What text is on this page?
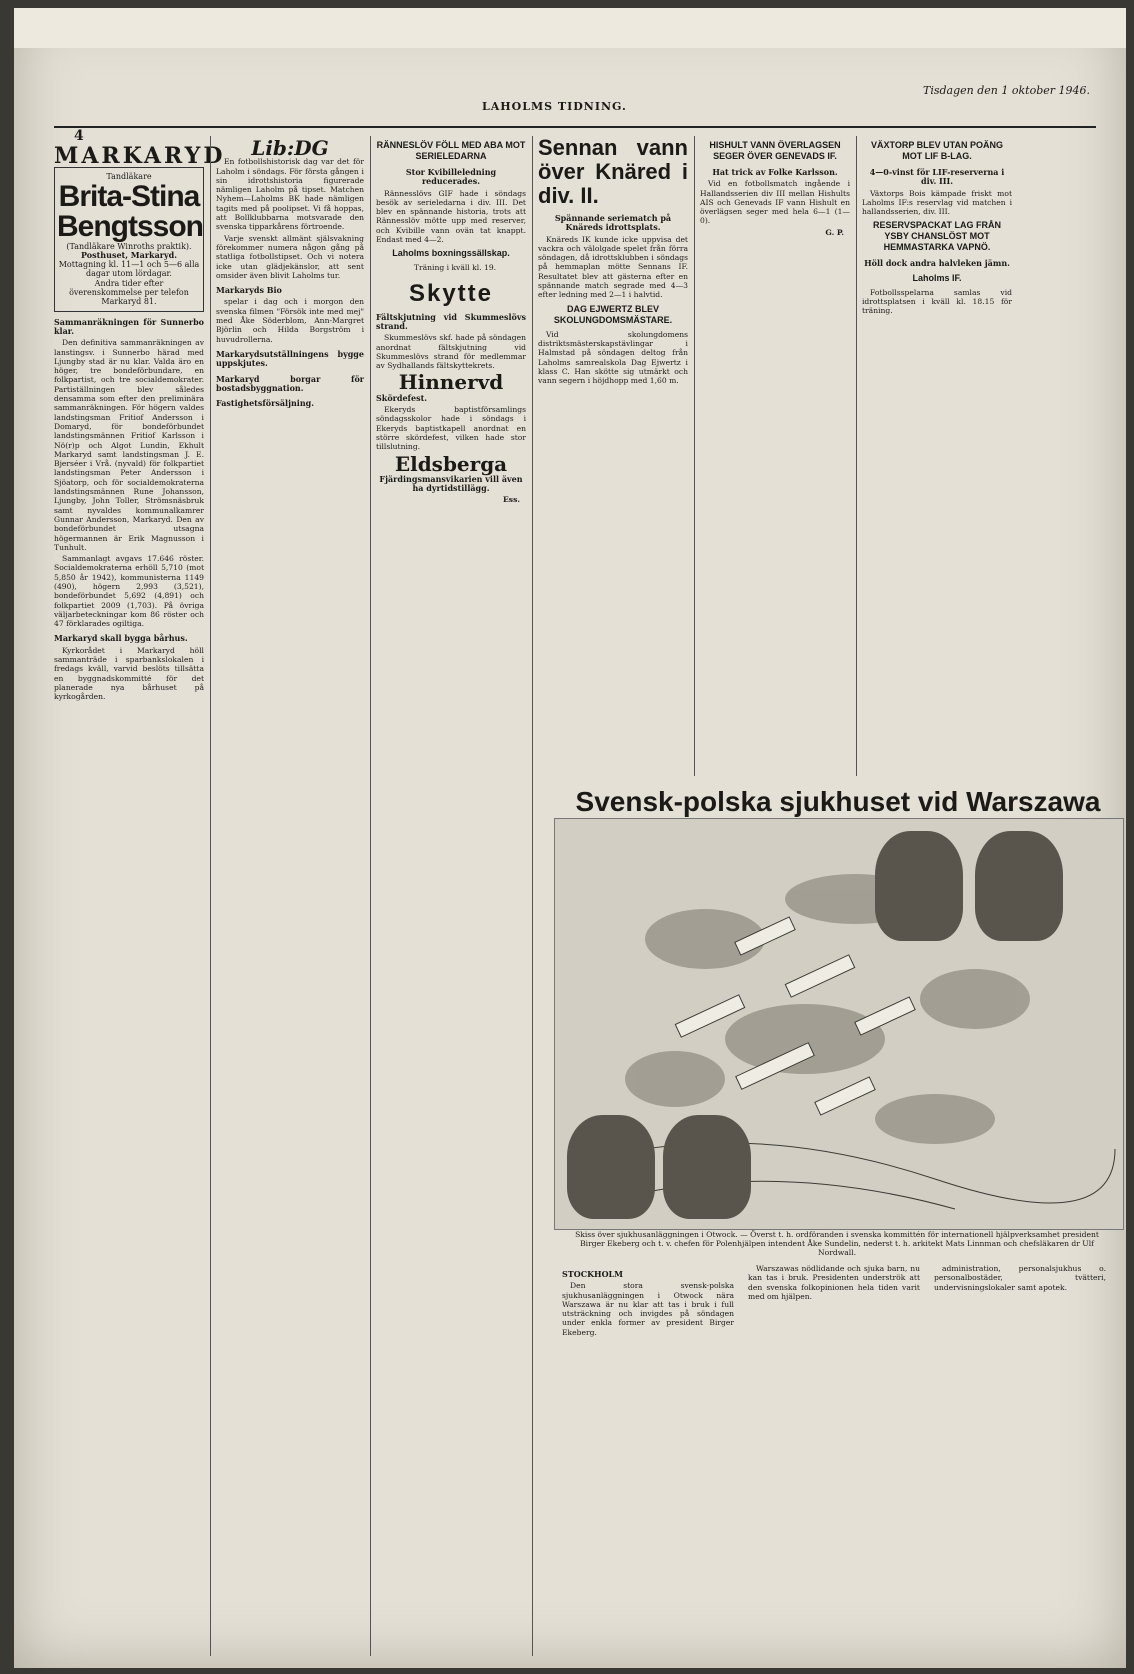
Tisdagen den 1 oktober 1946.
LAHOLMS TIDNING.
4
MARKARYD
Tandläkare
Brita-Stina Bengtsson
(Tandläkare Winroths praktik).
Posthuset, Markaryd.
Mottagning kl. 11—1 och 5—6 alla dagar utom lördagar.
Andra tider efter överenskommelse per telefon Markaryd 81.
Sammanräkningen för Sunnerbo klar.

Den definitiva sammanräkningen av lanstingsv. i Sunnerbo härad med Ljungby stad är nu klar. Valda äro en höger, tre bondeförbundare, en folkpartist, och tre socialdemokrater. Partiställningen blev således densamma som efter den preliminära sammanräkningen. För högern valdes landstingsman Fritiof Andersson i Domaryd, för bondeförbundet landstingsmännen Fritiof Karlsson i Nö(r)p och Algot Lundin, Ekhult Markaryd samt landstingsman J. E. Bjerséer i Vrå. (nyvald) för folkpartiet landstingsman Peter Andersson i Sjöatorp, och för socialdemokraterna landstingsmännen Rune Johansson, Ljungby, John Toller, Strömsnäsbruk samt nyvaldes kommunalkamrer Gunnar Andersson, Markaryd. Den av bondeförbundet utsagna högermannen är Erik Magnusson i Tunhult.

Sammanlagt avgavs 17.646 röster. Socialdemokraterna erhöll 5,710 (mot 5,850 år 1942), kommunisterna 1149 (490), högern 2,993 (3,521), bondeförbundet 5,692 (4,891) och folkpartiet 2009 (1,703). På övriga väljarbeteckningar kom 86 röster och 47 förklarades ogiltiga.

Markaryd skall bygga bårhus.

Kyrkorådet i Markaryd höll sammanträde i sparbankslokalen i fredags kväll, varvid beslöts tillsätta en byggnadskommitté för det planerade nya bårhuset på kyrkogården.

Lib:DG

En fotbollshistorisk dag var det för Laholm i söndags. För första gången i sin idrottshistoria figurerade nämligen Laholm på tipset. Matchen Nyhem—Laholms BK hade nämligen tagits med på poolipset. Vi få hoppas, att Bollklubbarna motsvarade den svenska tipparkårens förtroende.

Varje svenskt allmänt själsvakning förekommer numera någon gång på statliga fotbollstipset. Och vi notera icke utan glädjekänslor, att sent omsider även blivit Laholms tur.

Markaryds Bio

spelar i dag och i morgon den svenska filmen "Försök inte med mej" med Åke Söderblom, Ann-Margret Björlin och Hilda Borgström i huvudrollerna.

Markarydsutställningens bygge uppskjutes.
Markaryd borgar för bostadsbyggnation.
Fastighetsförsäljning.
RÄNNESLÖV FÖLL MED ABA MOT SERIELEDARNA
Stor Kvibilleledning reducerades.

Rännesslövs GIF hade i söndags besök av serieledarna i div. III. Det blev en spännande historia, trots att Rännesslöv mötte upp med reserver, och Kvibille vann ovän tat knappt. Endast med 4—2.

Laholms boxningssällskap.

Träning i kväll kl. 19.

Skytte
Fältskjutning vid Skummeslövs strand.

Skummeslövs skf. hade på söndagen anordnat fältskjutning vid Skummeslövs strand för medlemmar av Sydhallands fältskyttekrets.

Hinnervd
Skördefest.

Ekeryds baptistförsamlings söndagsskolor hade i söndags i Ekeryds baptistkapell anordnat en större skördefest, vilken hade stor tillslutning.

Eldsberga
Fjärdingsmansvikarien vill även ha dyrtidstillägg.
Ess.
Sennan vann över Knäred i div. II.
Spännande seriematch på Knäreds idrottsplats.

Knäreds IK kunde icke uppvisa det vackra och välolgade spelet från förra söndagen, då idrottsklubben i söndags på hemmaplan mötte Sennans IF. Resultatet blev att gästerna efter en spännande match segrade med 4—3 efter ledning med 2—1 i halvtid.

DAG EJWERTZ BLEV SKOLUNGDOMSMÄSTARE.

Vid skolungdomens distriktsmästerskapstävlingar i Halmstad på söndagen deltog från Laholms samrealskola Dag Ejwertz i klass C. Han skötte sig utmärkt och vann segern i höjdhopp med 1,60 m.

HISHULT VANN ÖVERLAGSEN SEGER ÖVER GENEVADS IF.
Hat trick av Folke Karlsson.

Vid en fotbollsmatch ingående i Hallandsserien div III mellan Hishults AIS och Genevads IF vann Hishult en överlägsen seger med hela 6—1 (1—0).

G. P.
VÄXTORP BLEV UTAN POÄNG MOT LIF B-LAG.
4—0-vinst för LIF-reserverna i div. III.

Växtorps Bois kämpade friskt mot Laholms IF:s reservlag vid matchen i hallandsserien, div. III.

RESERVSPACKAT LAG FRÅN YSBY CHANSLÖST MOT HEMMASTARKA VAPNÖ.
Höll dock andra halvleken jämn.
Laholms IF.

Fotbollsspelarna samlas vid idrottsplatsen i kväll kl. 18.15 för träning.

Svensk-polska sjukhuset vid Warszawa
Skiss över sjukhusanläggningen i Otwock. — Överst t. h. ordföranden i svenska kommittén för internationell hjälpverksamhet president Birger Ekeberg och t. v. chefen för Polenhjälpen intendent Åke Sundelin, nederst t. h. arkitekt Mats Linnman och chefsläkaren dr Ulf Nordwall.
STOCKHOLM

Den stora svensk-polska sjukhusanläggningen i Otwock nära Warszawa är nu klar att tas i bruk i full utsträckning och invigdes på söndagen under enkla former av president Birger Ekeberg.

Warszawas nödlidande och sjuka barn, nu kan tas i bruk. Presidenten underströk att den svenska folkopinionen hela tiden varit med om hjälpen.

administration, personalsjukhus o. personalbostäder, tvätteri, undervisningslokaler samt apotek.
